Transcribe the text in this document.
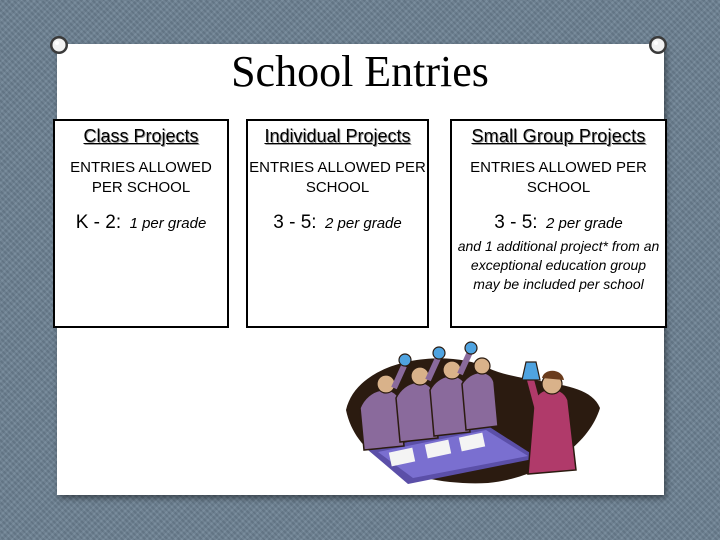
School Entries
Class Projects
ENTRIES ALLOWED PER SCHOOL
K - 2: 1 per grade
Individual Projects
ENTRIES ALLOWED PER SCHOOL
3 - 5: 2 per grade
Small Group Projects
ENTRIES ALLOWED PER SCHOOL
3 - 5: 2 per grade
and 1 additional project* from an exceptional education group may be included per school
